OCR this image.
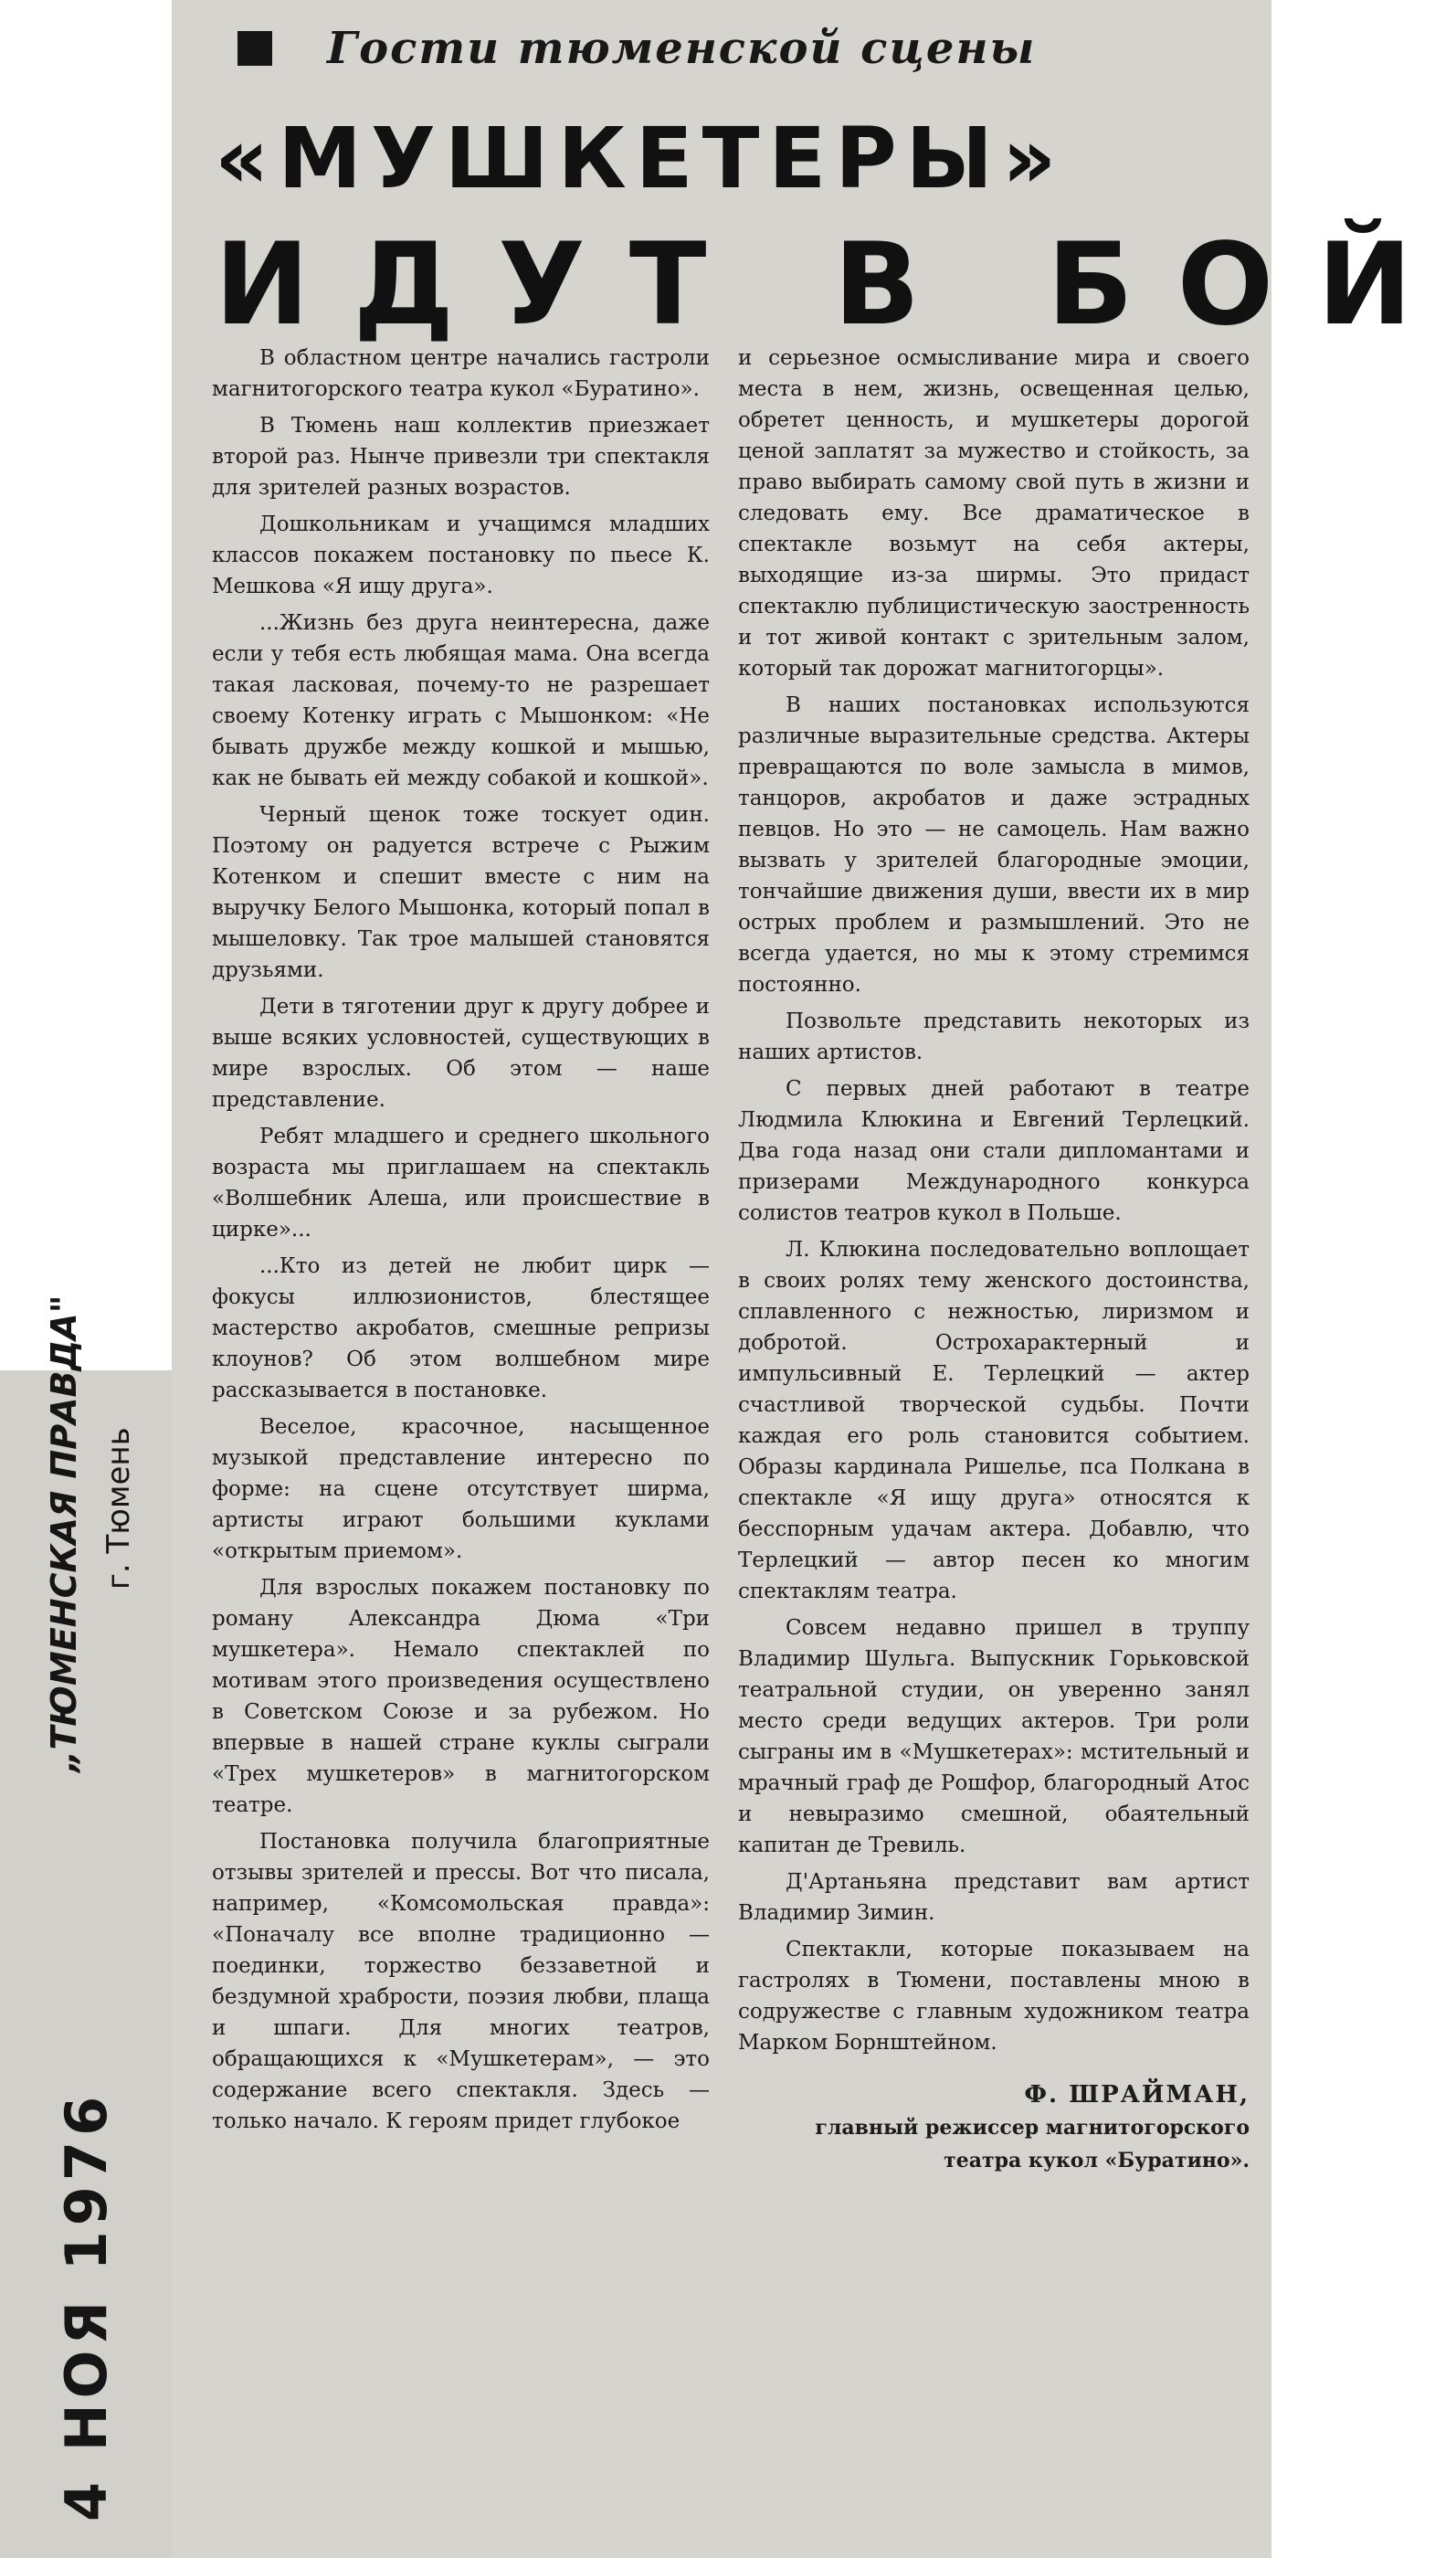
Гости тюменской сцены
«МУШКЕТЕРЫ»
ИДУТ В БОЙ

В областном центре начались гастроли магнитогорского театра кукол «Буратино».

В Тюмень наш коллектив приезжает второй раз. Нынче привезли три спектакля для зрителей разных возрастов.

Дошкольникам и учащимся младших классов покажем постановку по пьесе К. Мешкова «Я ищу друга».

...Жизнь без друга неинтересна, даже если у тебя есть любящая мама. Она всегда такая ласковая, почему-то не разрешает своему Котенку играть с Мышонком: «Не бывать дружбе между кошкой и мышью, как не бывать ей между собакой и кошкой».

Черный щенок тоже тоскует один. Поэтому он радуется встрече с Рыжим Котенком и спешит вместе с ним на выручку Белого Мышонка, который попал в мышеловку. Так трое малышей становятся друзьями.

Дети в тяготении друг к другу добрее и выше всяких условностей, существующих в мире взрослых. Об этом — наше представление.

Ребят младшего и среднего школьного возраста мы приглашаем на спектакль «Волшебник Алеша, или происшествие в цирке»...

...Кто из детей не любит цирк — фокусы иллюзионистов, блестящее мастерство акробатов, смешные репризы клоунов? Об этом волшебном мире рассказывается в постановке.

Веселое, красочное, насыщенное музыкой представление интересно по форме: на сцене отсутствует ширма, артисты играют большими куклами «открытым приемом».

Для взрослых покажем постановку по роману Александра Дюма «Три мушкетера». Немало спектаклей по мотивам этого произведения осуществлено в Советском Союзе и за рубежом. Но впервые в нашей стране куклы сыграли «Трех мушкетеров» в магнитогорском театре.

Постановка получила благоприятные отзывы зрителей и прессы. Вот что писала, например, «Комсомольская правда»: «Поначалу все вполне традиционно — поединки, торжество беззаветной и бездумной храбрости, поэзия любви, плаща и шпаги. Для многих театров, обращающихся к «Мушкетерам», — это содержание всего спектакля. Здесь — только начало. К героям придет глубокое

и серьезное осмысливание мира и своего места в нем, жизнь, освещенная целью, обретет ценность, и мушкетеры дорогой ценой заплатят за мужество и стойкость, за право выбирать самому свой путь в жизни и следовать ему. Все драматическое в спектакле возьмут на себя актеры, выходящие из-за ширмы. Это придаст спектаклю публицистическую заостренность и тот живой контакт с зрительным залом, который так дорожат магнитогорцы».

В наших постановках используются различные выразительные средства. Актеры превращаются по воле замысла в мимов, танцоров, акробатов и даже эстрадных певцов. Но это — не самоцель. Нам важно вызвать у зрителей благородные эмоции, тончайшие движения души, ввести их в мир острых проблем и размышлений. Это не всегда удается, но мы к этому стремимся постоянно.

Позвольте представить некоторых из наших артистов.

С первых дней работают в театре Людмила Клюкина и Евгений Терлецкий. Два года назад они стали дипломантами и призерами Международного конкурса солистов театров кукол в Польше.

Л. Клюкина последовательно воплощает в своих ролях тему женского достоинства, сплавленного с нежностью, лиризмом и добротой. Острохарактерный и импульсивный Е. Терлецкий — актер счастливой творческой судьбы. Почти каждая его роль становится событием. Образы кардинала Ришелье, пса Полкана в спектакле «Я ищу друга» относятся к бесспорным удачам актера. Добавлю, что Терлецкий — автор песен ко многим спектаклям театра.

Совсем недавно пришел в труппу Владимир Шульга. Выпускник Горьковской театральной студии, он уверенно занял место среди ведущих актеров. Три роли сыграны им в «Мушкетерах»: мстительный и мрачный граф де Рошфор, благородный Атос и невыразимо смешной, обаятельный капитан де Тревиль.

Д'Артаньяна представит вам артист Владимир Зимин.

Спектакли, которые показываем на гастролях в Тюмени, поставлены мною в содружестве с главным художником театра Марком Борнштейном.

Ф. ШРАЙМАН,
главный режиссер магнитогорского театра кукол «Буратино».
„ТЮМЕНСКАЯ ПРАВДА" г. Тюмень
4 НОЯ 1976
